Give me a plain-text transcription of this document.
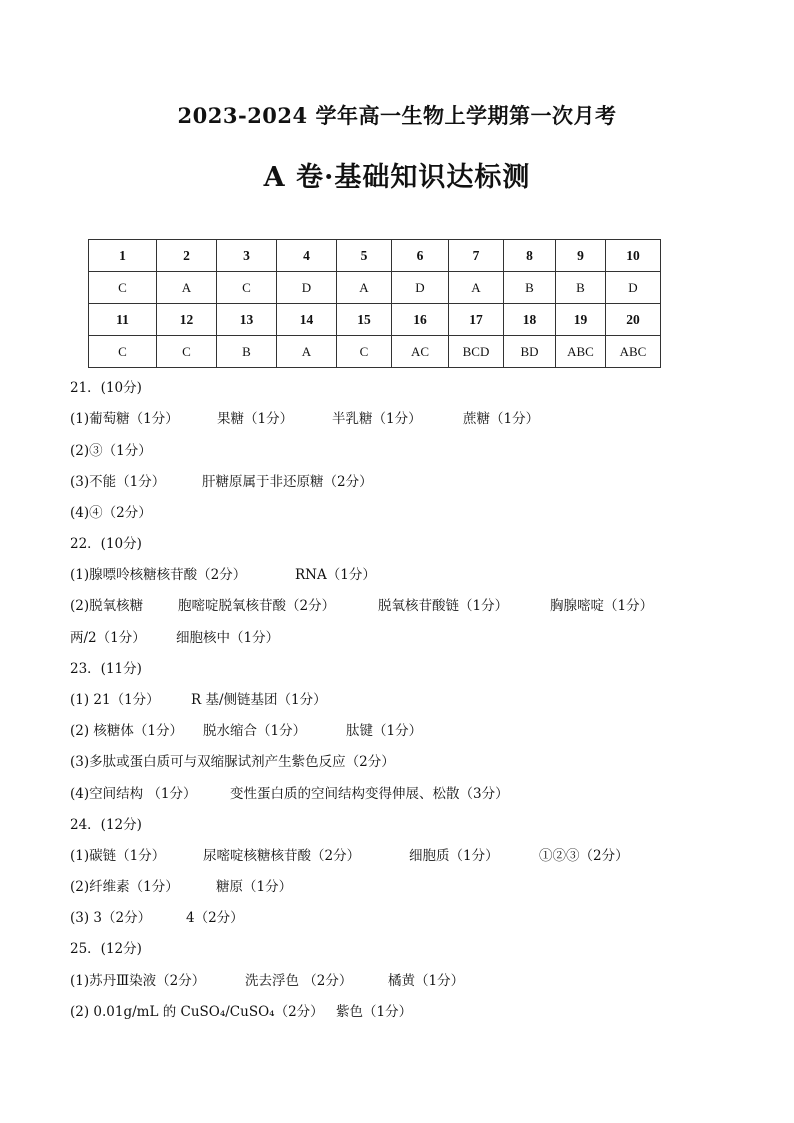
2023-2024 学年高一生物上学期第一次月考
A 卷·基础知识达标测
1	2	3	4	5	6	7	8	9	10
C	A	C	D	A	D	A	B	B	D
11	12	13	14	15	16	17	18	19	20
C	C	B	A	C	AC	BCD	BD	ABC	ABC
21．(10分)
(1)葡萄糖（1分）	果糖（1分）	半乳糖（1分）	蔗糖（1分）
(2)③（1分）
(3)不能（1分）	肝糖原属于非还原糖（2分）
(4)④（2分）
22．(10分)
(1)腺嘌呤核糖核苷酸（2分）	RNA（1分）
(2)脱氧核糖	胞嘧啶脱氧核苷酸（2分）	脱氧核苷酸链（1分）	胸腺嘧啶（1分）
两/2（1分） 细胞核中（1分）
23．(11分)
(1) 21（1分） R 基/侧链基团（1分）
(2) 核糖体（1分） 脱水缩合（1分）	肽键（1分）
(3)多肽或蛋白质可与双缩脲试剂产生紫色反应（2分）
(4)空间结构 （1分） 变性蛋白质的空间结构变得伸展、松散（3分）
24．(12分)
(1)碳链（1分）	尿嘧啶核糖核苷酸（2分）	细胞质（1分）	①②③（2分）
(2)纤维素（1分）	糖原（1分）
(3) 3（2分）	4（2分）
25．(12分)
(1)苏丹Ⅲ染液（2分）	洗去浮色 （2分）	橘黄（1分）
(2) 0.01g/mL 的 CuSO₄/CuSO₄（2分） 紫色（1分）
